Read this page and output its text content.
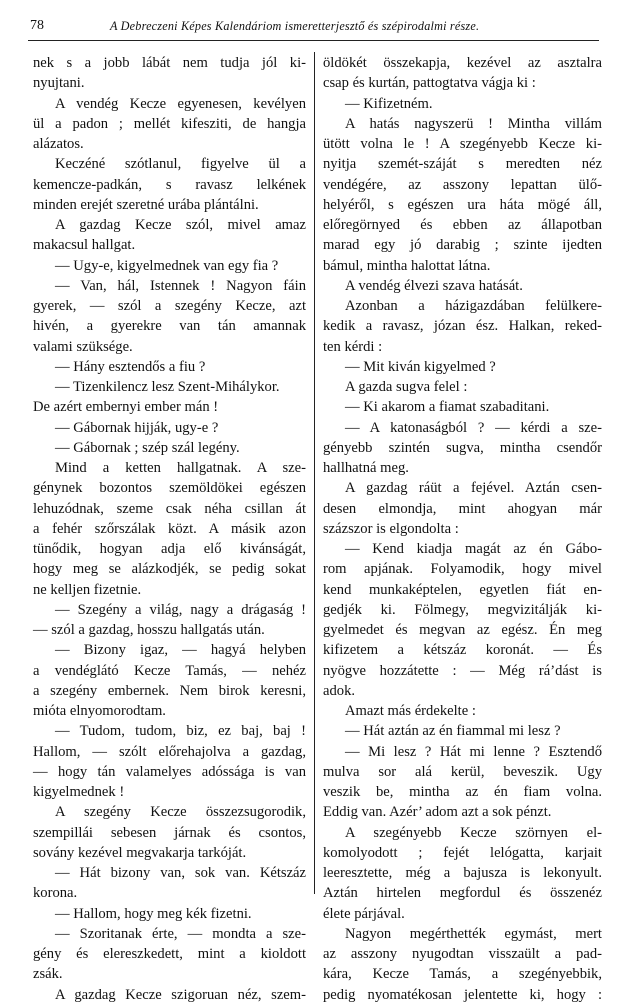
78	A Debreczeni Képes Kalendáriom ismeretterjesztő és szépirodalmi része.
nek s a jobb lábát nem tudja jól ki-
nyujtani.
A vendég Kecze egyenesen, kevélyen
ül a padon ; mellét kifesziti, de hangja
alázatos.
Keczéné szótlanul, figyelve ül a
kemencze-padkán, s ravasz lelkének
minden erejét szeretné urába plántálni.
A gazdag Kecze szól, mivel amaz
makacsul hallgat.
— Ugy-e, kigyelmednek van egy fia ?
— Van, hál, Istennek ! Nagyon fáin
gyerek, — szól a szegény Kecze, azt
hivén, a gyerekre van tán amannak
valami szüksége.
— Hány esztendős a fiu ?
— Tizenkilencz lesz Szent-Mihálykor.
De azért embernyi ember mán !
— Gábornak hijják, ugy-e ?
— Gábornak ; szép szál legény.
Mind a ketten hallgatnak. A sze-
génynek bozontos szemöldökei egészen
lehuzódnak, szeme csak néha csillan át
a fehér szőrszálak közt. A másik azon
tünődik, hogyan adja elő kivánságát,
hogy meg se alázkodjék, se pedig sokat
ne kelljen fizetnie.
— Szegény a világ, nagy a drágaság !
— szól a gazdag, hosszu hallgatás után.
— Bizony igaz, — hagyá helyben
a vendéglátó Kecze Tamás, — nehéz
a szegény embernek. Nem birok keresni,
mióta elnyomorodtam.
— Tudom, tudom, biz, ez baj, baj !
Hallom, — szólt előrehajolva a gazdag,
— hogy tán valamelyes adóssága is van
kigyelmednek !
A szegény Kecze összezsugorodik,
szempillái sebesen járnak és csontos,
sovány kezével megvakarja tarkóját.
— Hát bizony van, sok van. Kétszáz
korona.
— Hallom, hogy meg kék fizetni.
— Szoritanak érte, — mondta a sze-
gény és elereszkedett, mint a kioldott
zsák.
A gazdag Kecze szigoruan néz, szem-
öldökét összekapja, kezével az asztalra
csap és kurtán, pattogtatva vágja ki :
— Kifizetném.
A hatás nagyszerü ! Mintha villám
ütött volna le ! A szegényebb Kecze ki-
nyitja szemét-száját s meredten néz
vendégére, az asszony lepattan ülő-
helyéről, s egészen ura háta mögé áll,
előregörnyed és ebben az állapotban
marad egy jó darabig ; szinte ijedten
bámul, mintha halottat látna.
A vendég élvezi szava hatását.
Azonban a házigazdában felülkere-
kedik a ravasz, józan ész. Halkan, reked-
ten kérdi :
— Mit kiván kigyelmed ?
A gazda sugva felel :
— Ki akarom a fiamat szabaditani.
— A katonaságból ? — kérdi a sze-
gényebb szintén sugva, mintha csendőr
hallhatná meg.
A gazdag ráüt a fejével. Aztán csen-
desen elmondja, mint ahogyan már
százszor is elgondolta :
— Kend kiadja magát az én Gábo-
rom apjának. Folyamodik, hogy mivel
kend munkaképtelen, egyetlen fiát en-
gedjék ki. Fölmegy, megvizitálják ki-
gyelmedet és megvan az egész. Én meg
kifizetem a kétszáz koronát. — És
nyögve hozzátette : — Még rá’dást is
adok.
Amazt más érdekelte :
— Hát aztán az én fiammal mi lesz ?
— Mi lesz ? Hát mi lenne ? Esztendő
mulva sor alá kerül, beveszik. Ugy
veszik be, mintha az én fiam volna.
Eddig van. Azér’ adom azt a sok pénzt.
A szegényebb Kecze szörnyen el-
komolyodott ; fejét lelógatta, karjait
leeresztette, még a bajusza is lekonyult.
Aztán hirtelen megfordul és összenéz
élete párjával.
Nagyon megérthették egymást, mert
az asszony nyugodtan visszaült a pad-
kára, Kecze Tamás, a szegényebbik,
pedig nyomatékosan jelentette ki, hogy :
